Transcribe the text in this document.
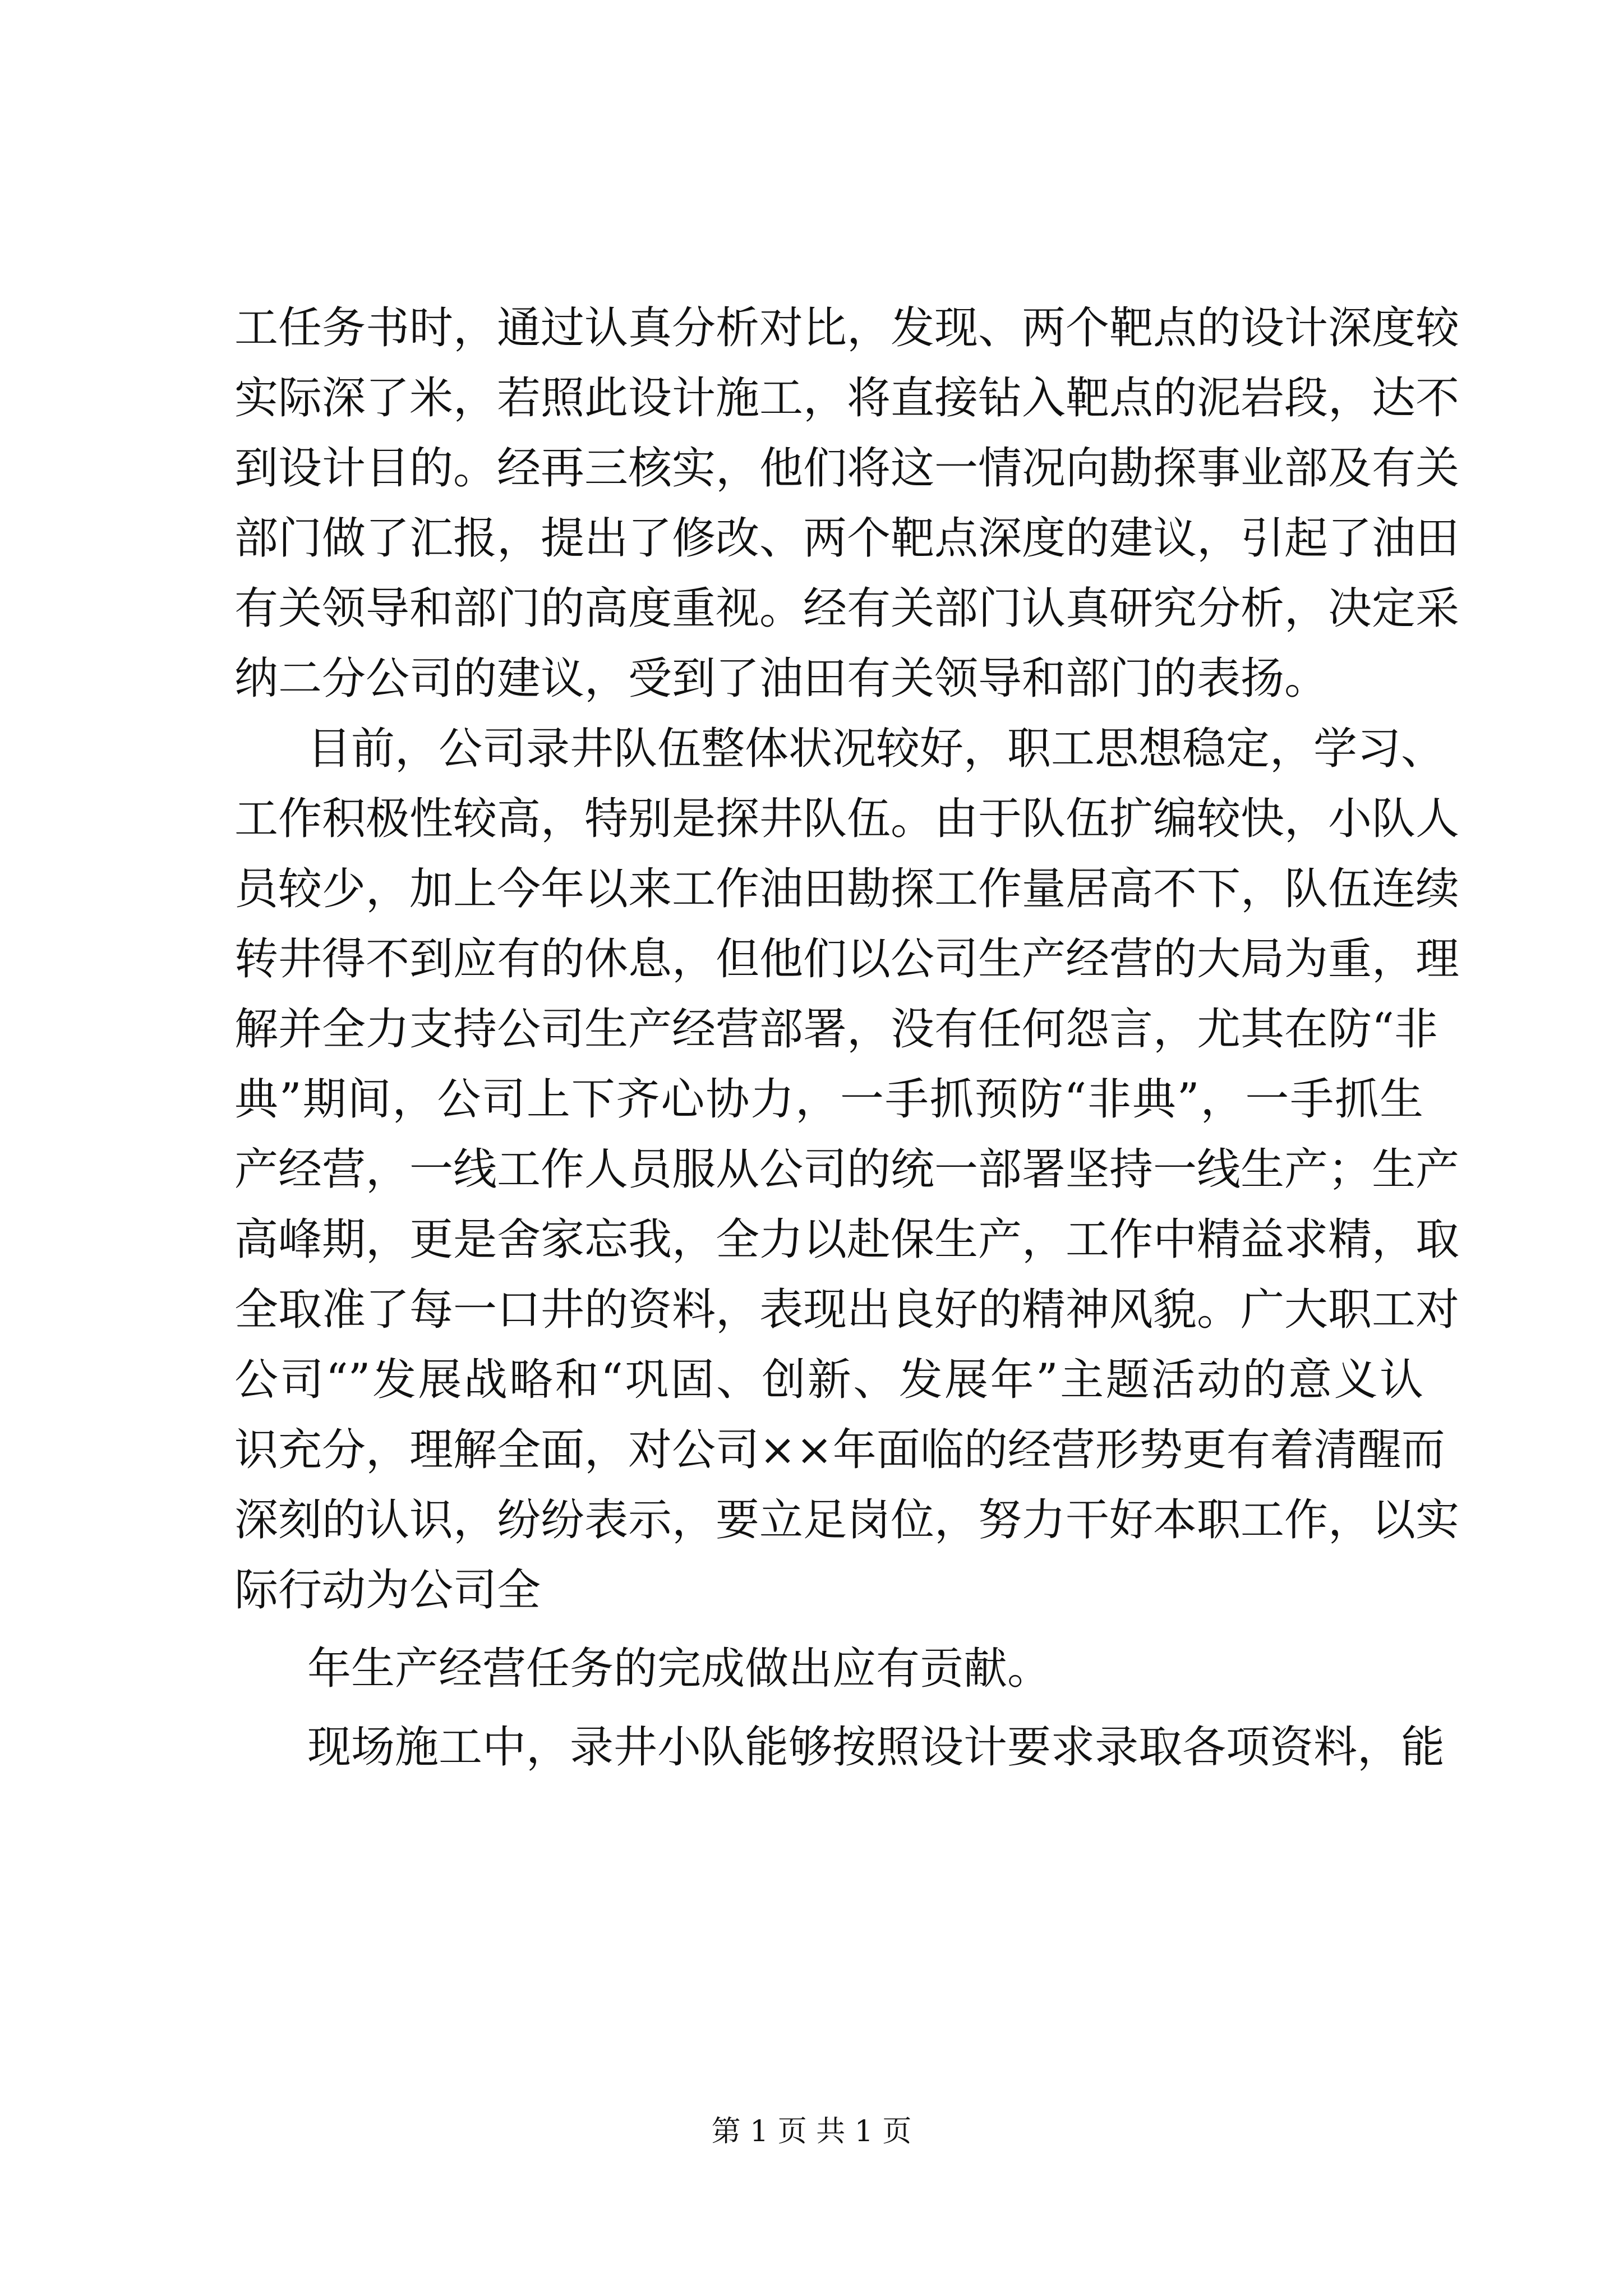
工任务书时，通过认真分析对比，发现、两个靶点的设计深度较
实际深了米，若照此设计施工，将直接钻入靶点的泥岩段，达不
到设计目的。经再三核实，他们将这一情况向勘探事业部及有关
部门做了汇报，提出了修改、两个靶点深度的建议，引起了油田
有关领导和部门的高度重视。经有关部门认真研究分析，决定采
纳二分公司的建议，受到了油田有关领导和部门的表扬。
目前，公司录井队伍整体状况较好，职工思想稳定，学习、
工作积极性较高，特别是探井队伍。由于队伍扩编较快，小队人
员较少，加上今年以来工作油田勘探工作量居高不下，队伍连续
转井得不到应有的休息，但他们以公司生产经营的大局为重，理
解并全力支持公司生产经营部署，没有任何怨言，尤其在防“非
典”期间，公司上下齐心协力，一手抓预防“非典”，一手抓生
产经营，一线工作人员服从公司的统一部署坚持一线生产；生产
高峰期，更是舍家忘我，全力以赴保生产，工作中精益求精，取
全取准了每一口井的资料，表现出良好的精神风貌。广大职工对
公司“”发展战略和“巩固、创新、发展年”主题活动的意义认
识充分，理解全面，对公司××年面临的经营形势更有着清醒而
深刻的认识，纷纷表示，要立足岗位，努力干好本职工作，以实
际行动为公司全
年生产经营任务的完成做出应有贡献。
现场施工中，录井小队能够按照设计要求录取各项资料，能
第 1 页 共 1 页
